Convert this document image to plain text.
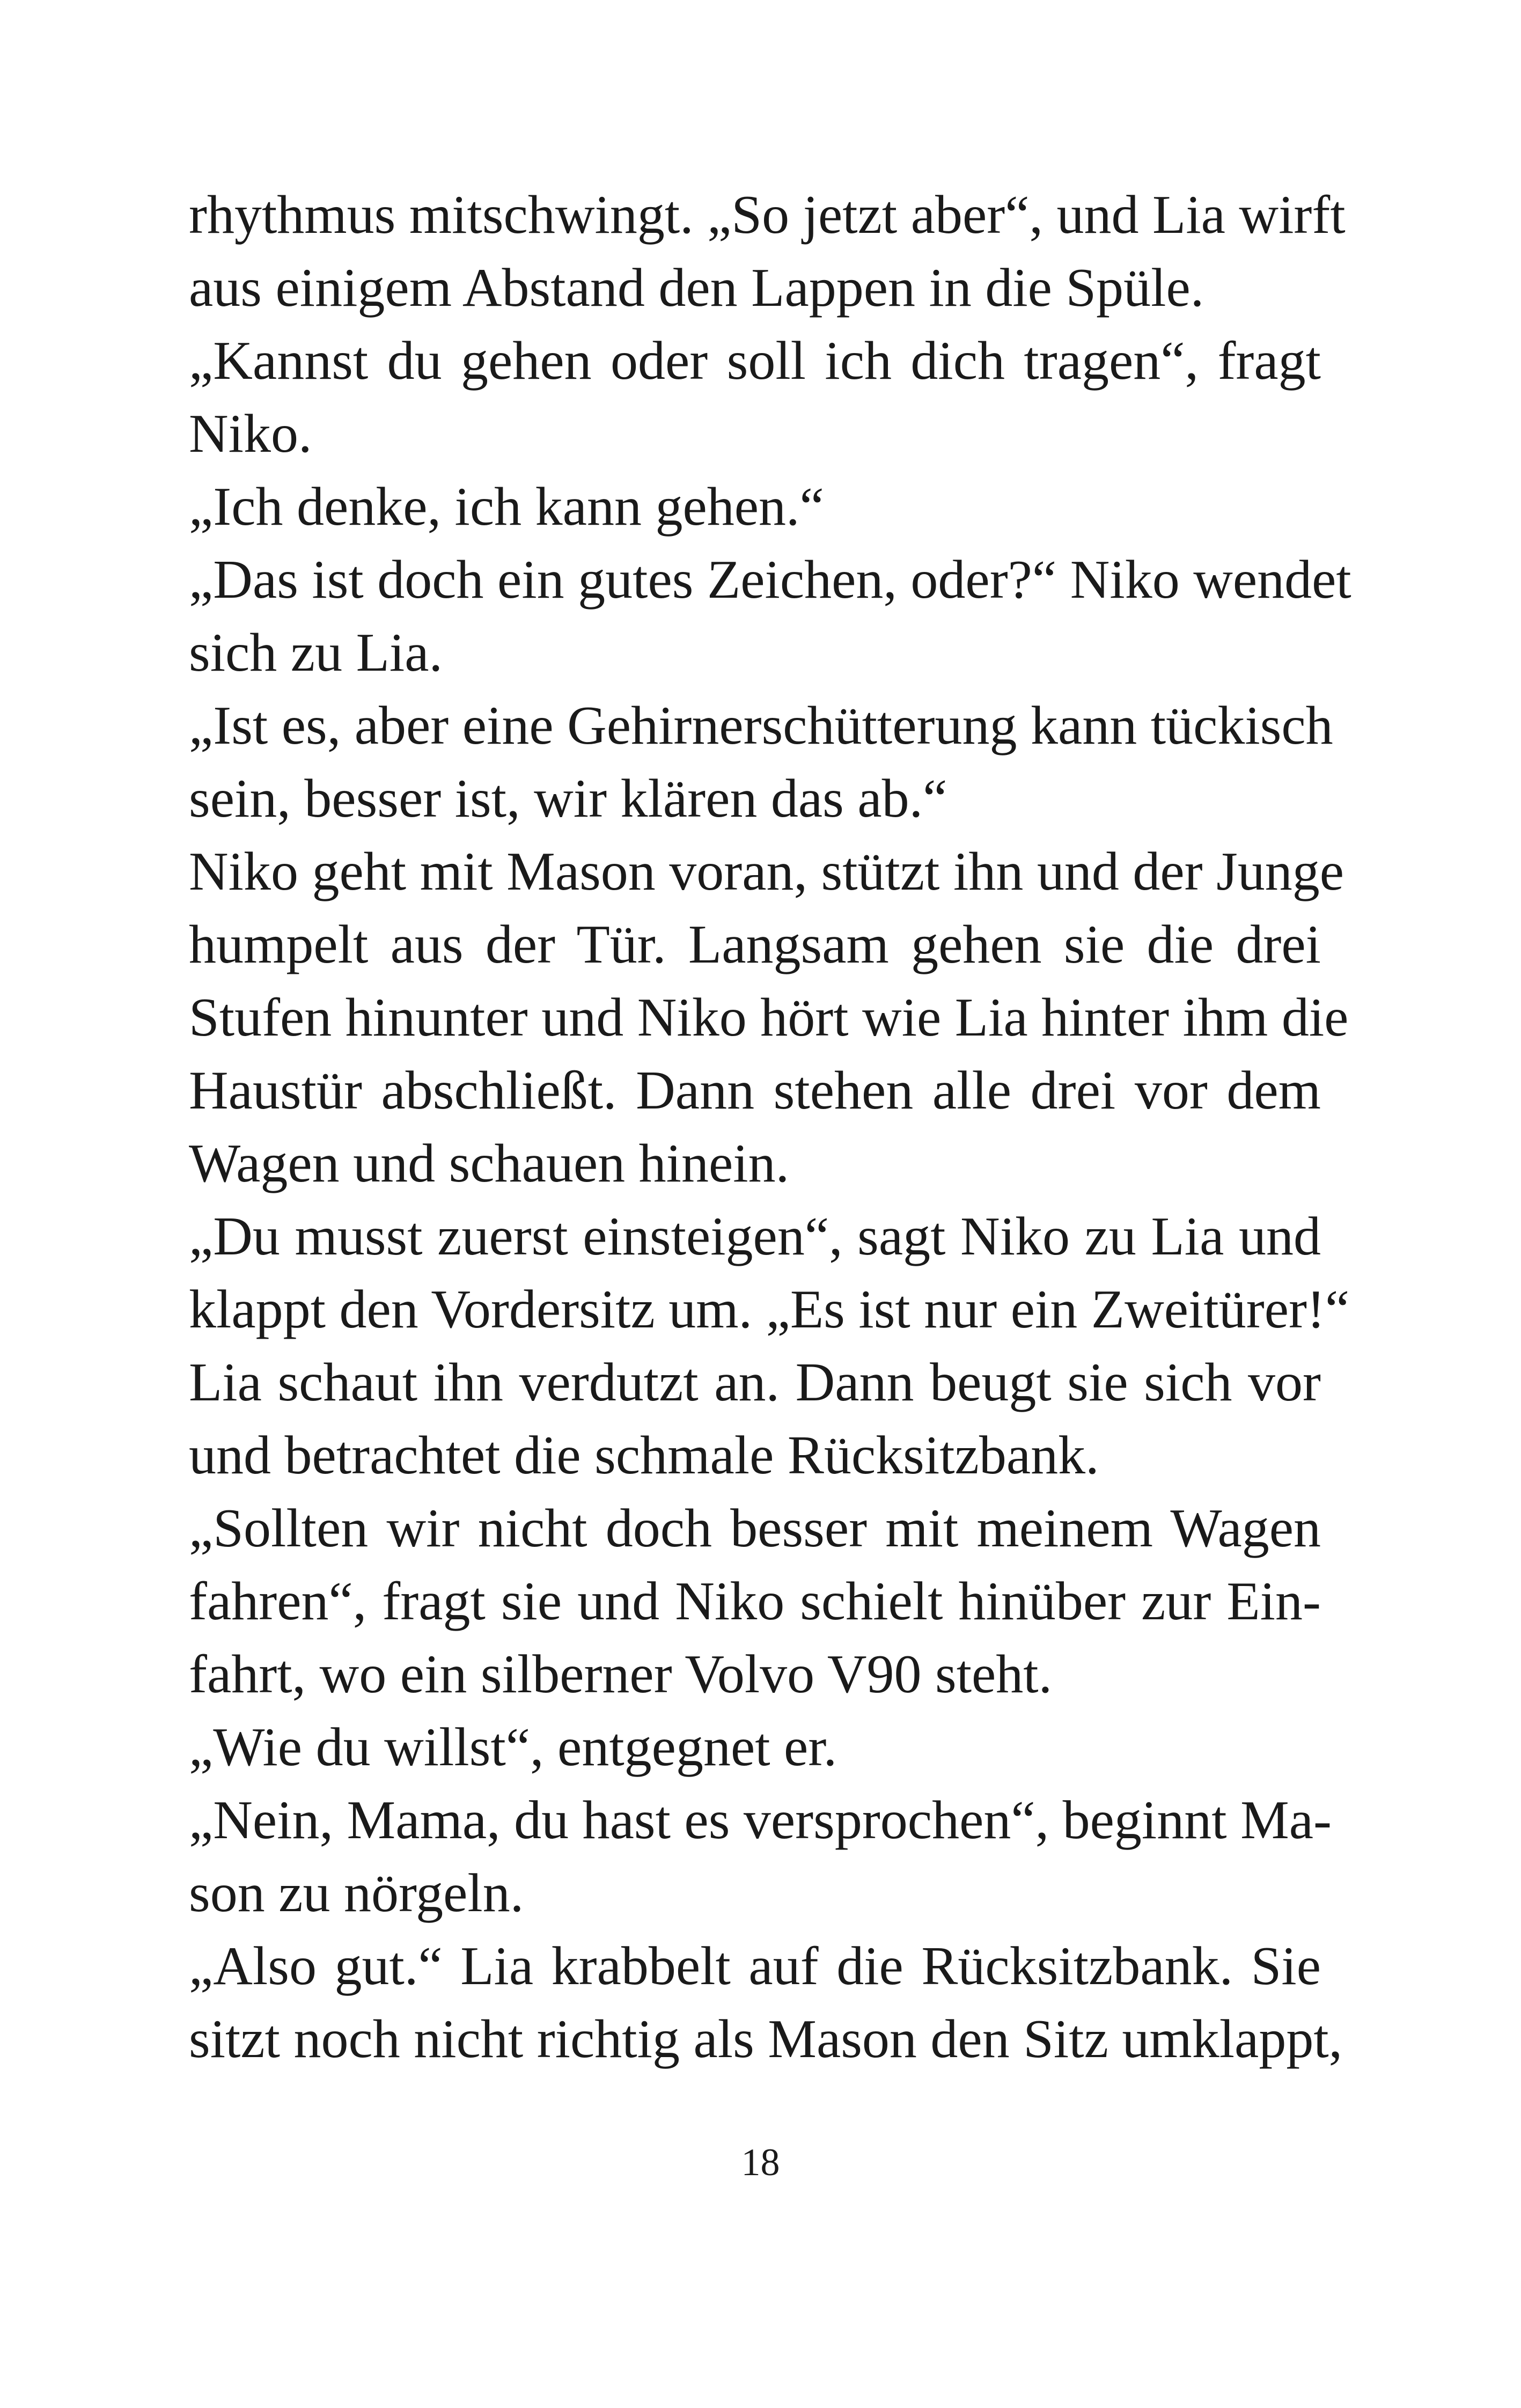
rhythmus mitschwingt. „So jetzt aber“, und Lia wirft
aus einigem Abstand den Lappen in die Spüle.
„Kannst du gehen oder soll ich dich tragen“, fragt
Niko.
„Ich denke, ich kann gehen.“
„Das ist doch ein gutes Zeichen, oder?“ Niko wendet
sich zu Lia.
„Ist es, aber eine Gehirnerschütterung kann tückisch
sein, besser ist, wir klären das ab.“
Niko geht mit Mason voran, stützt ihn und der Junge
humpelt aus der Tür. Langsam gehen sie die drei
Stufen hinunter und Niko hört wie Lia hinter ihm die
Haustür abschließt. Dann stehen alle drei vor dem
Wagen und schauen hinein.
„Du musst zuerst einsteigen“, sagt Niko zu Lia und
klappt den Vordersitz um. „Es ist nur ein Zweitürer!“
Lia schaut ihn verdutzt an. Dann beugt sie sich vor
und betrachtet die schmale Rücksitzbank.
„Sollten wir nicht doch besser mit meinem Wagen
fahren“, fragt sie und Niko schielt hinüber zur Ein-
fahrt, wo ein silberner Volvo V90 steht.
„Wie du willst“, entgegnet er.
„Nein, Mama, du hast es versprochen“, beginnt Ma-
son zu nörgeln.
„Also gut.“ Lia krabbelt auf die Rücksitzbank. Sie
sitzt noch nicht richtig als Mason den Sitz umklappt,
18
